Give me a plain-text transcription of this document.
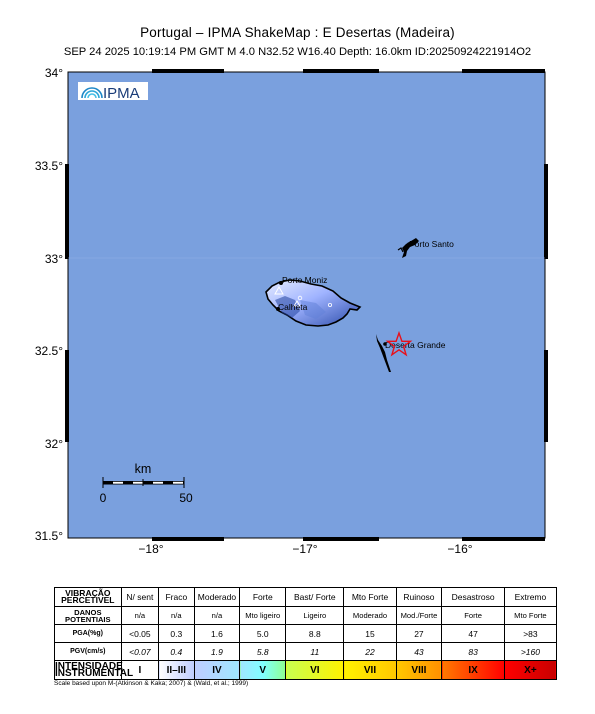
Portugal – IPMA ShakeMap : E Desertas (Madeira)
SEP 24 2025 10:19:14 PM GMT M 4.0 N32.52 W16.40 Depth: 16.0km ID:20250924221914O2
34°
33.5°
33°
32.5°
32°
31.5°
−18°	−17°	−16°
IPMA
Porto Santo
Porto Moniz
Calheta
Deserta Grande
km
0	50
VIBRAÇÃO PERCETIVEL	N/ sent	Fraco	Moderado	Forte	Bast/ Forte	Mto Forte	Ruinoso	Desastroso	Extremo
DANOS POTENTIAIS	n/a	n/a	n/a	Mto ligeiro	Ligeiro	Moderado	Mod./Forte	Forte	Mto Forte
PGA(%g)	<0.05	0.3	1.6	5.0	8.8	15	27	47	>83
PGV(cm/s)	<0.07	0.4	1.9	5.8	11	22	43	83	>160
INTENSIDADE INSTRUMENTAL	I	II–III	IV	V	VI	VII	VIII	IX	X+
Scale based upon M-(Atkinson & Kaka; 2007) & (Wald, et al.; 1999)
